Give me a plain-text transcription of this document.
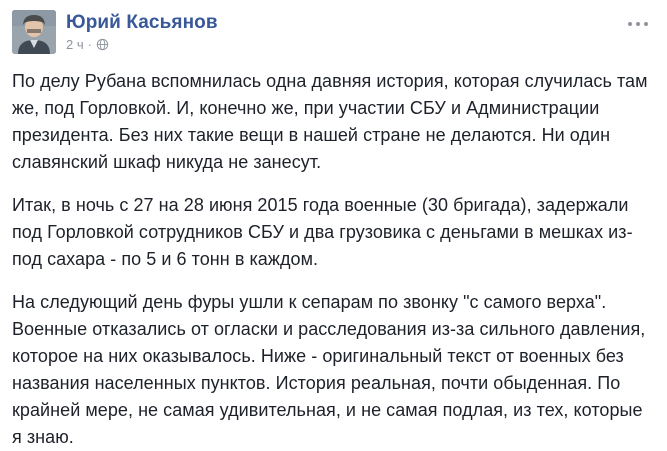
Юрий Касьянов
2 ч ·

По делу Рубана вспомнилась одна давняя история, которая случилась там же, под Горловкой. И, конечно же, при участии СБУ и Администрации президента. Без них такие вещи в нашей стране не делаются. Ни один славянский шкаф никуда не занесут.

Итак, в ночь с 27 на 28 июня 2015 года военные (30 бригада), задержали под Горловкой сотрудников СБУ и два грузовика с деньгами в мешках из-под сахара - по 5 и 6 тонн в каждом.

На следующий день фуры ушли к сепарам по звонку "с самого верха". Военные отказались от огласки и расследования из-за сильного давления, которое на них оказывалось. Ниже - оригинальный текст от военных без названия населенных пунктов. История реальная, почти обыденная. По крайней мере, не самая удивительная, и не самая подлая, из тех, которые я знаю.
